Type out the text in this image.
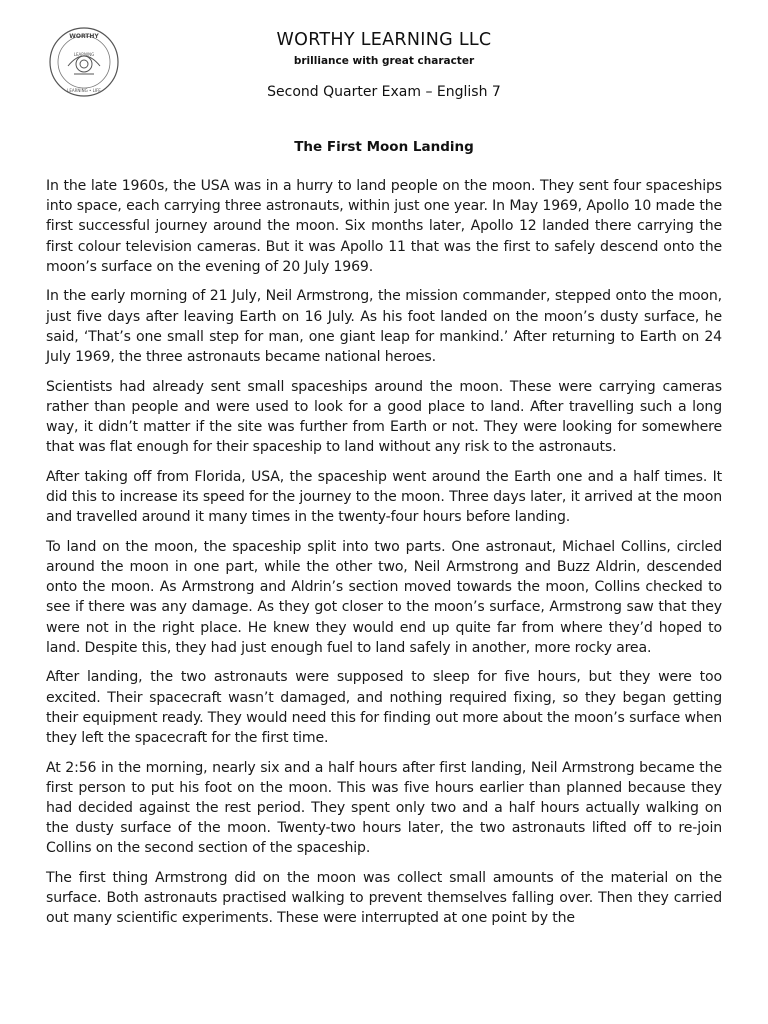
WORTHY
LEARNING
LEARNING • LIFE
WORTHY LEARNING LLC
brilliance with great character
Second Quarter Exam – English 7
The First Moon Landing

In the late 1960s, the USA was in a hurry to land people on the moon. They sent four spaceships into space, each carrying three astronauts, within just one year. In May 1969, Apollo 10 made the first successful journey around the moon. Six months later, Apollo 12 landed there carrying the first colour television cameras. But it was Apollo 11 that was the first to safely descend onto the moon’s surface on the evening of 20 July 1969.

In the early morning of 21 July, Neil Armstrong, the mission commander, stepped onto the moon, just five days after leaving Earth on 16 July. As his foot landed on the moon’s dusty surface, he said, ‘That’s one small step for man, one giant leap for mankind.’ After returning to Earth on 24 July 1969, the three astronauts became national heroes.

Scientists had already sent small spaceships around the moon. These were carrying cameras rather than people and were used to look for a good place to land. After travelling such a long way, it didn’t matter if the site was further from Earth or not. They were looking for somewhere that was flat enough for their spaceship to land without any risk to the astronauts.

After taking off from Florida, USA, the spaceship went around the Earth one and a half times. It did this to increase its speed for the journey to the moon. Three days later, it arrived at the moon and travelled around it many times in the twenty-four hours before landing.

To land on the moon, the spaceship split into two parts. One astronaut, Michael Collins, circled around the moon in one part, while the other two, Neil Armstrong and Buzz Aldrin, descended onto the moon. As Armstrong and Aldrin’s section moved towards the moon, Collins checked to see if there was any damage. As they got closer to the moon’s surface, Armstrong saw that they were not in the right place. He knew they would end up quite far from where they’d hoped to land. Despite this, they had just enough fuel to land safely in another, more rocky area.

After landing, the two astronauts were supposed to sleep for five hours, but they were too excited. Their spacecraft wasn’t damaged, and nothing required fixing, so they began getting their equipment ready. They would need this for finding out more about the moon’s surface when they left the spacecraft for the first time.

At 2:56 in the morning, nearly six and a half hours after first landing, Neil Armstrong became the first person to put his foot on the moon. This was five hours earlier than planned because they had decided against the rest period. They spent only two and a half hours actually walking on the dusty surface of the moon. Twenty-two hours later, the two astronauts lifted off to re-join Collins on the second section of the spaceship.

The first thing Armstrong did on the moon was collect small amounts of the material on the surface. Both astronauts practised walking to prevent themselves falling over. Then they carried out many scientific experiments. These were interrupted at one point by the
